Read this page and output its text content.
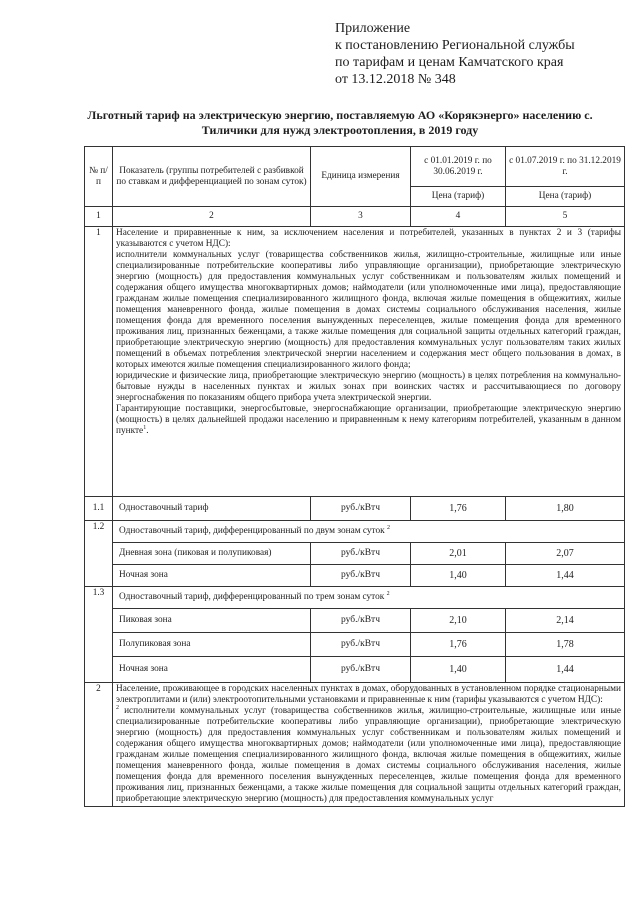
Приложение
к постановлению Региональной службы
по тарифам и ценам Камчатского края
от 13.12.2018 № 348
Льготный тариф на электрическую энергию, поставляемую АО «Корякэнерго» населению с. Тиличики для нужд электроотопления, в 2019 году
№ п/п	Показатель (группы потребителей с разбивкой по ставкам и дифференциацией по зонам суток)	Единица измерения	с 01.01.2019 г. по 30.06.2019 г.	с 01.07.2019 г. по 31.12.2019 г.
			Цена (тариф)	Цена (тариф)
1	2	3	4	5
1	Население и приравненные к ним, за исключением населения и потребителей, указанных в пунктах 2 и 3 (тарифы указываются с учетом НДС):

исполнители коммунальных услуг (товарищества собственников жилья, жилищно-строительные, жилищные или иные специализированные потребительские кооперативы либо управляющие организации), приобретающие электрическую энергию (мощность) для предоставления коммунальных услуг собственникам и пользователям жилых помещений и содержания общего имущества многоквартирных домов; наймодатели (или уполномоченные ими лица), предоставляющие гражданам жилые помещения специализированного жилищного фонда, включая жилые помещения в общежитиях, жилые помещения маневренного фонда, жилые помещения в домах системы социального обслуживания населения, жилые помещения фонда для временного поселения вынужденных переселенцев, жилые помещения фонда для временного проживания лиц, признанных беженцами, а также жилые помещения для социальной защиты отдельных категорий граждан, приобретающие электрическую энергию (мощность) для предоставления коммунальных услуг пользователям таких жилых помещений в объемах потребления электрической энергии населением и содержания мест общего пользования в домах, в которых имеются жилые помещения специализированного жилого фонда;

юридические и физические лица, приобретающие электрическую энергию (мощность) в целях потребления на коммунально-бытовые нужды в населенных пунктах и жилых зонах при воинских частях и рассчитывающиеся по договору энергоснабжения по показаниям общего прибора учета электрической энергии.

Гарантирующие поставщики, энергосбытовые, энергоснабжающие организации, приобретающие электрическую энергию (мощность) в целях дальнейшей продажи населению и приравненным к нему категориям потребителей, указанным в данном пункте$^1$.			

1.1	Одноставочный тариф	руб./кВтч	1,76	1,80
1.2	Одноставочный тариф, дифференцированный по двум зонам суток $^2$
	Дневная зона (пиковая и полупиковая)	руб./кВтч	2,01	2,07
	Ночная зона	руб./кВтч	1,40	1,44
1.3	Одноставочный тариф, дифференцированный по трем зонам суток $^2$
	Пиковая зона	руб./кВтч	2,10	2,14
	Полупиковая зона	руб./кВтч	1,76	1,78
	Ночная зона	руб./кВтч	1,40	1,44
2	Население, проживающее в городских населенных пунктах в домах, оборудованных в установленном порядке стационарными электроплитами и (или) электроотопительными установками и приравненные к ним (тарифы указываются с учетом НДС):

$^2$ исполнители коммунальных услуг (товарищества собственников жилья, жилищно-строительные, жилищные или иные специализированные потребительские кооперативы либо управляющие организации), приобретающие электрическую энергию (мощность) для предоставления коммунальных услуг собственникам и пользователям жилых помещений и содержания общего имущества многоквартирных домов; наймодатели (или уполномоченные ими лица), предоставляющие гражданам жилые помещения специализированного жилищного фонда, включая жилые помещения в общежитиях, жилые помещения маневренного фонда, жилые помещения в домах системы социального обслуживания населения, жилые помещения фонда для временного поселения вынужденных переселенцев, жилые помещения фонда для временного проживания лиц, признанных беженцами, а также жилые помещения для социальной защиты отдельных категорий граждан, приобретающие электрическую энергию (мощность) для предоставления коммунальных услуг			
